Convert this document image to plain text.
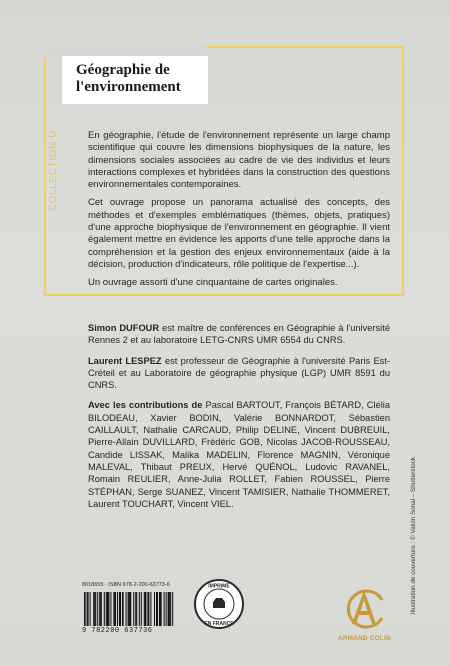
Géographie de

l'environnement

COLLECTION U	En géographie, l'étude de l'environnement représente un large champ scientifique qui couvre les dimensions biophysiques de la nature, les dimensions sociales associées au cadre de vie des individus et leurs interactions complexes et hybridées dans la construction des questions environnementales contemporaines.

Cet ouvrage propose un panorama actualisé des concepts, des méthodes et d'exemples emblématiques (thèmes, objets, pratiques) d'une approche biophysique de l'environnement en géographie. Il vient également mettre en évidence les apports d'une telle approche dans la compréhension et la gestion des enjeux environnementaux (aide à la décision, production d'indicateurs, rôle politique de l'expertise...).

Un ouvrage assorti d'une cinquantaine de cartes originales.

Simon DUFOUR est maître de conférences en Géographie à l'université Rennes 2 et au laboratoire LETG-CNRS UMR 6554 du CNRS.

Laurent LESPEZ est professeur de Géographie à l'université Paris Est-Créteil et au Laboratoire de géographie physique (LGP) UMR 8591 du CNRS.

Avec les contributions de Pascal BARTOUT, François BÉTARD, Clélia BILODEAU, Xavier BODIN, Valérie BONNARDOT, Sébastien CAILLAULT, Nathalie CARCAUD, Philip DELINE, Vincent DUBREUIL, Pierre-Allain DUVILLARD, Frédéric GOB, Nicolas JACOB-ROUSSEAU, Candide LISSAK, Malika MADELIN, Florence MAGNIN, Véronique MALEVAL, Thibaut PREUX, Hervé QUÉNOL, Ludovic RAVANEL, Romain REULIER, Anne-Julia ROLLET, Fabien ROUSSEL, Pierre STÉPHAN, Serge SUANEZ, Vincent TAMISIER, Nathalie THOMMERET, Laurent TOUCHART, Vincent VIEL.	Illustration de couverture : © Valcin Sonal – Shutterstock

8018655 · ISBN 978-2-200-63773-6

9 782200 637736

IMPRIMÉ
EN FRANCE

ARMAND COLIN
